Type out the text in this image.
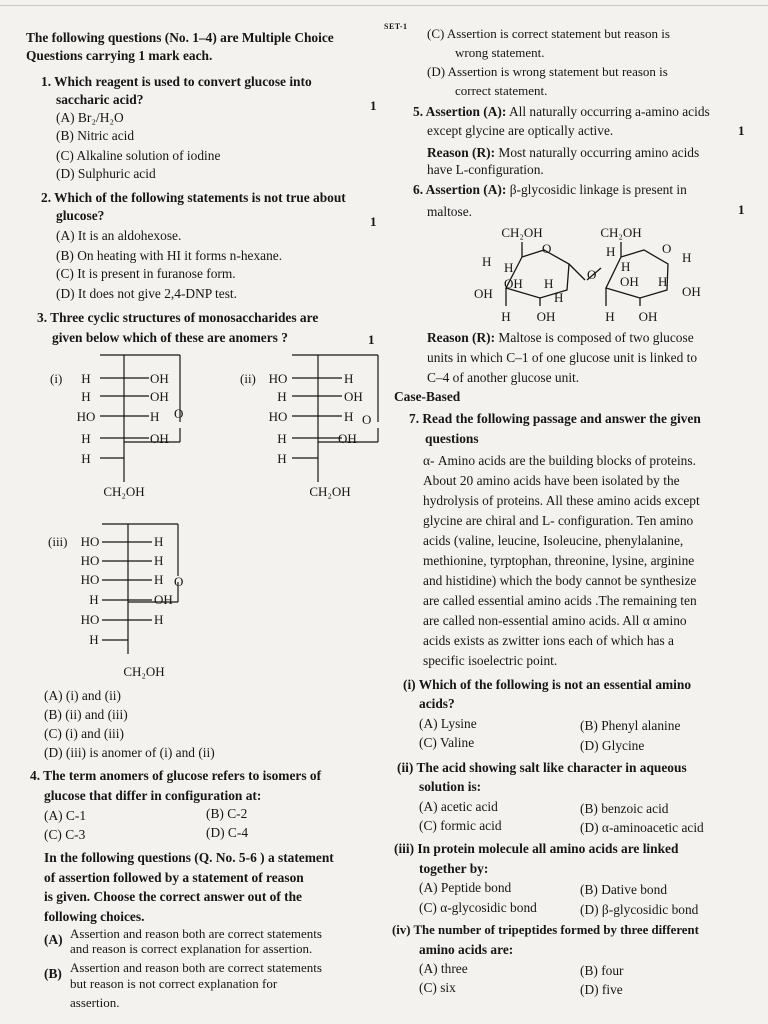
SET-1
The following questions (No. 1–4) are Multiple Choice
Questions carrying 1 mark each.
1. Which reagent is used to convert glucose into
saccharic acid?	1
(A) Br₂/H₂O
(B) Nitric acid
(C) Alkaline solution of iodine
(D) Sulphuric acid
2. Which of the following statements is not true about
glucose?	1
(A) It is an aldohexose.
(B) On heating with HI it forms n-hexane.
(C) It is present in furanose form.
(D) It does not give 2,4-DNP test.
3. Three cyclic structures of monosaccharides are
given below which of these are anomers ?	1
(i) H
H
HO
H
H
OH
OH
H O
OH
CH₂OH
(ii) HO
H
HO
H
H
H
OH
H O
OH
CH₂OH
(iii) HO
HO
HO
H
HO
H
H
H
H O
OH
H
CH₂OH
(A) (i) and (ii)
(B) (ii) and (iii)
(C) (i) and (iii)
(D) (iii) is anomer of (i) and (ii)
4. The term anomers of glucose refers to isomers of
glucose that differ in configuration at:
(A) C-1	(B) C-2
(C) C-3	(D) C-4
In the following questions (Q. No. 5-6 ) a statement
of assertion followed by a statement of reason
is given. Choose the correct answer out of the
following choices.
(A) Assertion and reason both are correct statements
and reason is correct explanation for assertion.
(B) Assertion and reason both are correct statements
but reason is not correct explanation for
assertion.
(C) Assertion is correct statement but reason is
wrong statement.
(D) Assertion is wrong statement but reason is
correct statement.
5. Assertion (A): All naturally occurring a-amino acids
except glycine are optically active.	1
Reason (R): Most naturally occurring amino acids
have L-configuration.
6. Assertion (A): β-glycosidic linkage is present in
maltose.	1
CH₂OH	CH₂OH
O	O
O
H H
H
H
H
OH
OH H
H
OH H
OH
H OH	H OH
Reason (R): Maltose is composed of two glucose
units in which C–1 of one glucose unit is linked to
C–4 of another glucose unit.
Case-Based
7. Read the following passage and answer the given
questions
α- Amino acids are the building blocks of proteins.
About 20 amino acids have been isolated by the
hydrolysis of proteins. All these amino acids except
glycine are chiral and L- configuration. Ten amino
acids (valine, leucine, Isoleucine, phenylalanine,
methionine, tyrptophan, threonine, lysine, arginine
and histidine) which the body cannot be synthesize
are called essential amino acids .The remaining ten
are called non-essential amino acids. All α amino
acids exists as zwitter ions each of which has a
specific isoelectric point.
(i) Which of the following is not an essential amino
acids?
(A) Lysine	(B) Phenyl alanine
(C) Valine	(D) Glycine
(ii) The acid showing salt like character in aqueous
solution is:
(A) acetic acid	(B) benzoic acid
(C) formic acid	(D) α-aminoacetic acid
(iii) In protein molecule all amino acids are linked
together by:
(A) Peptide bond	(B) Dative bond
(C) α-glycosidic bond	(D) β-glycosidic bond
(iv) The number of tripeptides formed by three different
amino acids are:
(A) three	(B) four
(C) six	(D) five
